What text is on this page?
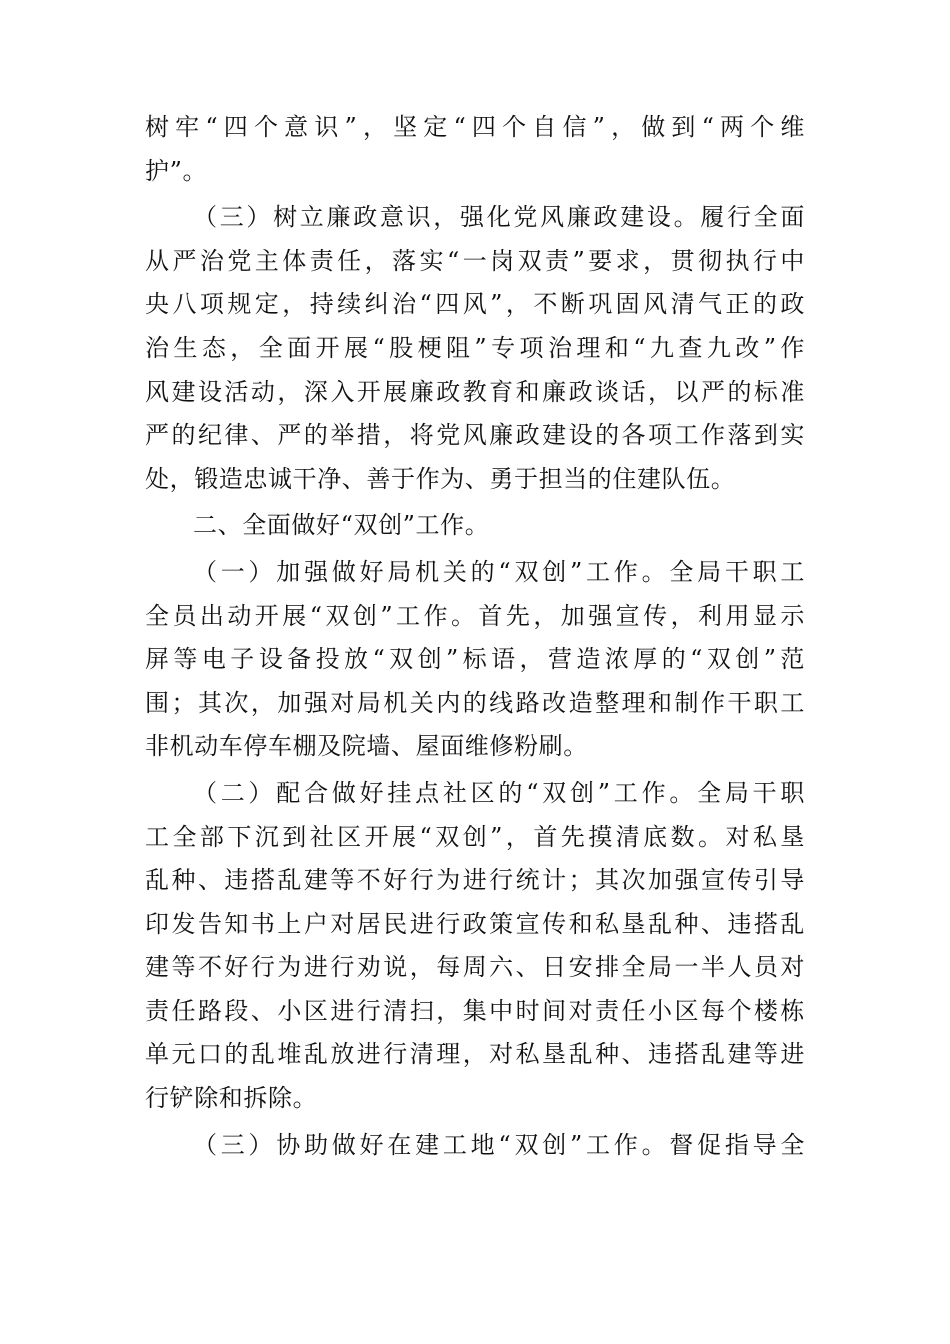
树牢“四个意识”，坚定“四个自信”，做到“两个维
护”。
（三）树立廉政意识，强化党风廉政建设。履行全面
从严治党主体责任，落实“一岗双责”要求，贯彻执行中
央八项规定，持续纠治“四风”，不断巩固风清气正的政
治生态，全面开展“股梗阻”专项治理和“九查九改”作
风建设活动，深入开展廉政教育和廉政谈话，以严的标准
严的纪律、严的举措，将党风廉政建设的各项工作落到实
处，锻造忠诚干净、善于作为、勇于担当的住建队伍。
二、全面做好“双创”工作。
（一）加强做好局机关的“双创”工作。全局干职工
全员出动开展“双创”工作。首先，加强宣传，利用显示
屏等电子设备投放“双创”标语，营造浓厚的“双创”范
围；其次，加强对局机关内的线路改造整理和制作干职工
非机动车停车棚及院墙、屋面维修粉刷。
（二）配合做好挂点社区的“双创”工作。全局干职
工全部下沉到社区开展“双创”，首先摸清底数。对私垦
乱种、违搭乱建等不好行为进行统计；其次加强宣传引导
印发告知书上户对居民进行政策宣传和私垦乱种、违搭乱
建等不好行为进行劝说，每周六、日安排全局一半人员对
责任路段、小区进行清扫，集中时间对责任小区每个楼栋
单元口的乱堆乱放进行清理，对私垦乱种、违搭乱建等进
行铲除和拆除。
（三）协助做好在建工地“双创”工作。督促指导全
